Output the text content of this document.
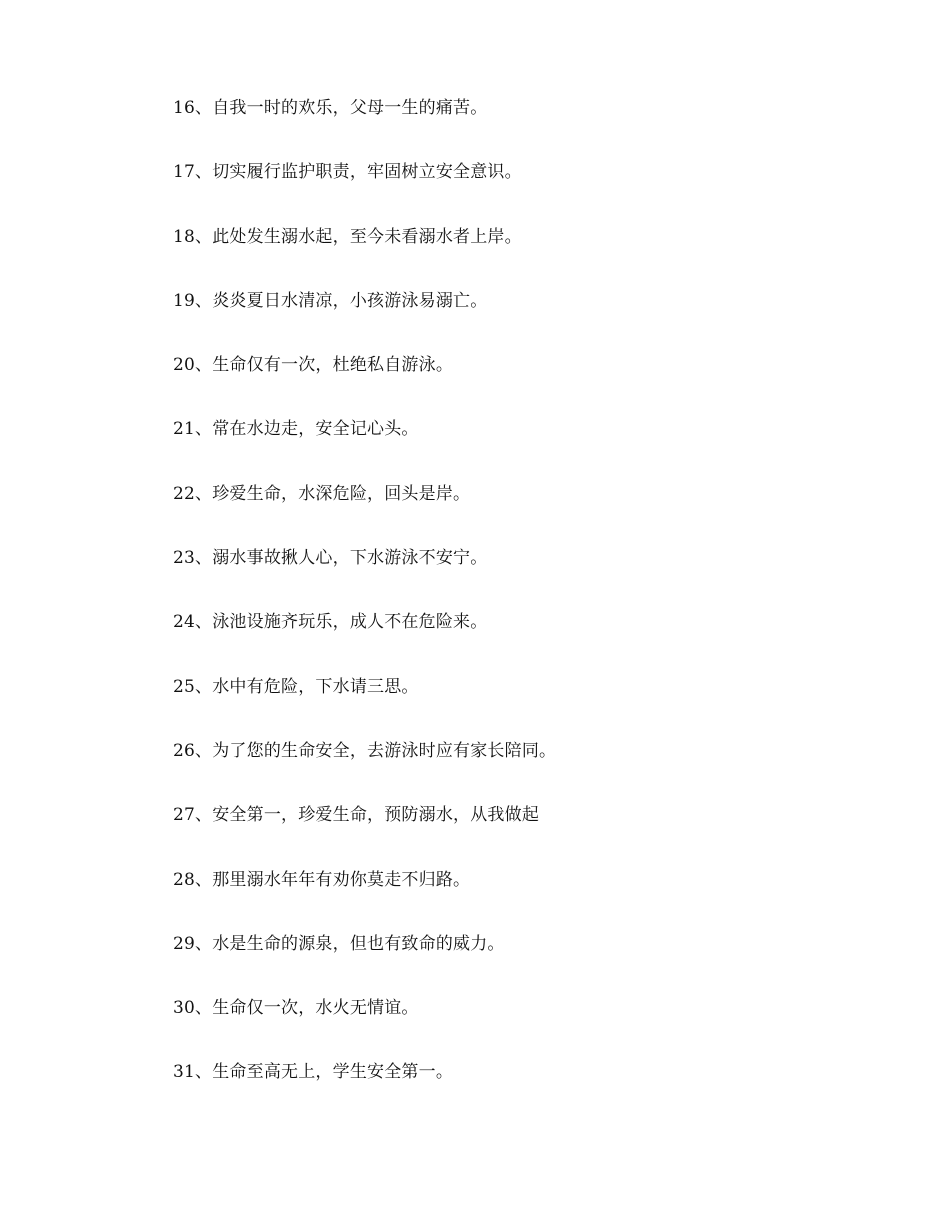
16、自我一时的欢乐，父母一生的痛苦。
17、切实履行监护职责，牢固树立安全意识。
18、此处发生溺水起，至今未看溺水者上岸。
19、炎炎夏日水清凉，小孩游泳易溺亡。
20、生命仅有一次，杜绝私自游泳。
21、常在水边走，安全记心头。
22、珍爱生命，水深危险，回头是岸。
23、溺水事故揪人心，下水游泳不安宁。
24、泳池设施齐玩乐，成人不在危险来。
25、水中有危险，下水请三思。
26、为了您的生命安全，去游泳时应有家长陪同。
27、安全第一，珍爱生命，预防溺水，从我做起
28、那里溺水年年有劝你莫走不归路。
29、水是生命的源泉，但也有致命的威力。
30、生命仅一次，水火无情谊。
31、生命至高无上，学生安全第一。
